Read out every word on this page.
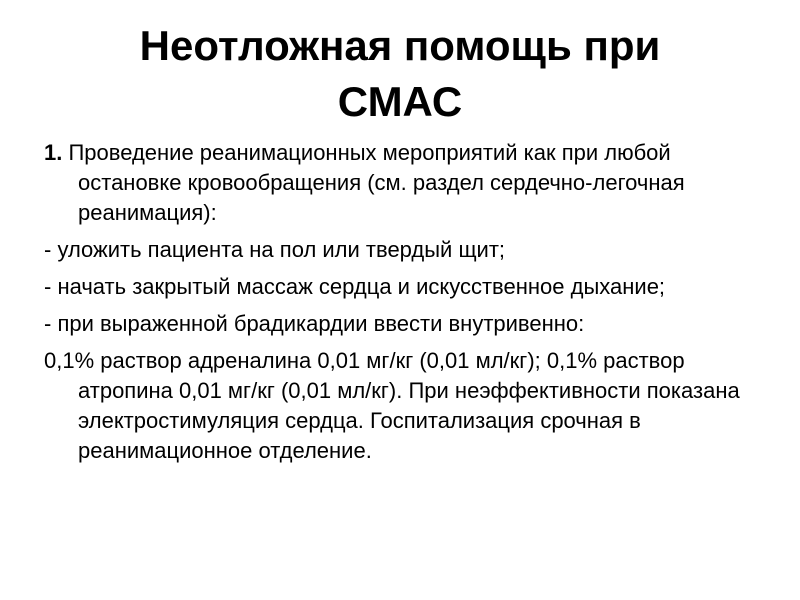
Неотложная помощь при
СМАС

1. Проведение реанимационных мероприятий как при любой остановке кровообращения (см. раздел сердечно-легочная реанимация):

- уложить пациента на пол или твердый щит;

- начать закрытый массаж сердца и искусственное дыхание;

- при выраженной брадикардии ввести внутривенно:

0,1% раствор адреналина 0,01 мг/кг (0,01 мл/кг); 0,1% раствор атропина 0,01 мг/кг (0,01 мл/кг). При неэффективности показана электростимуляция сердца. Госпитализация срочная в реанимационное отделение.
